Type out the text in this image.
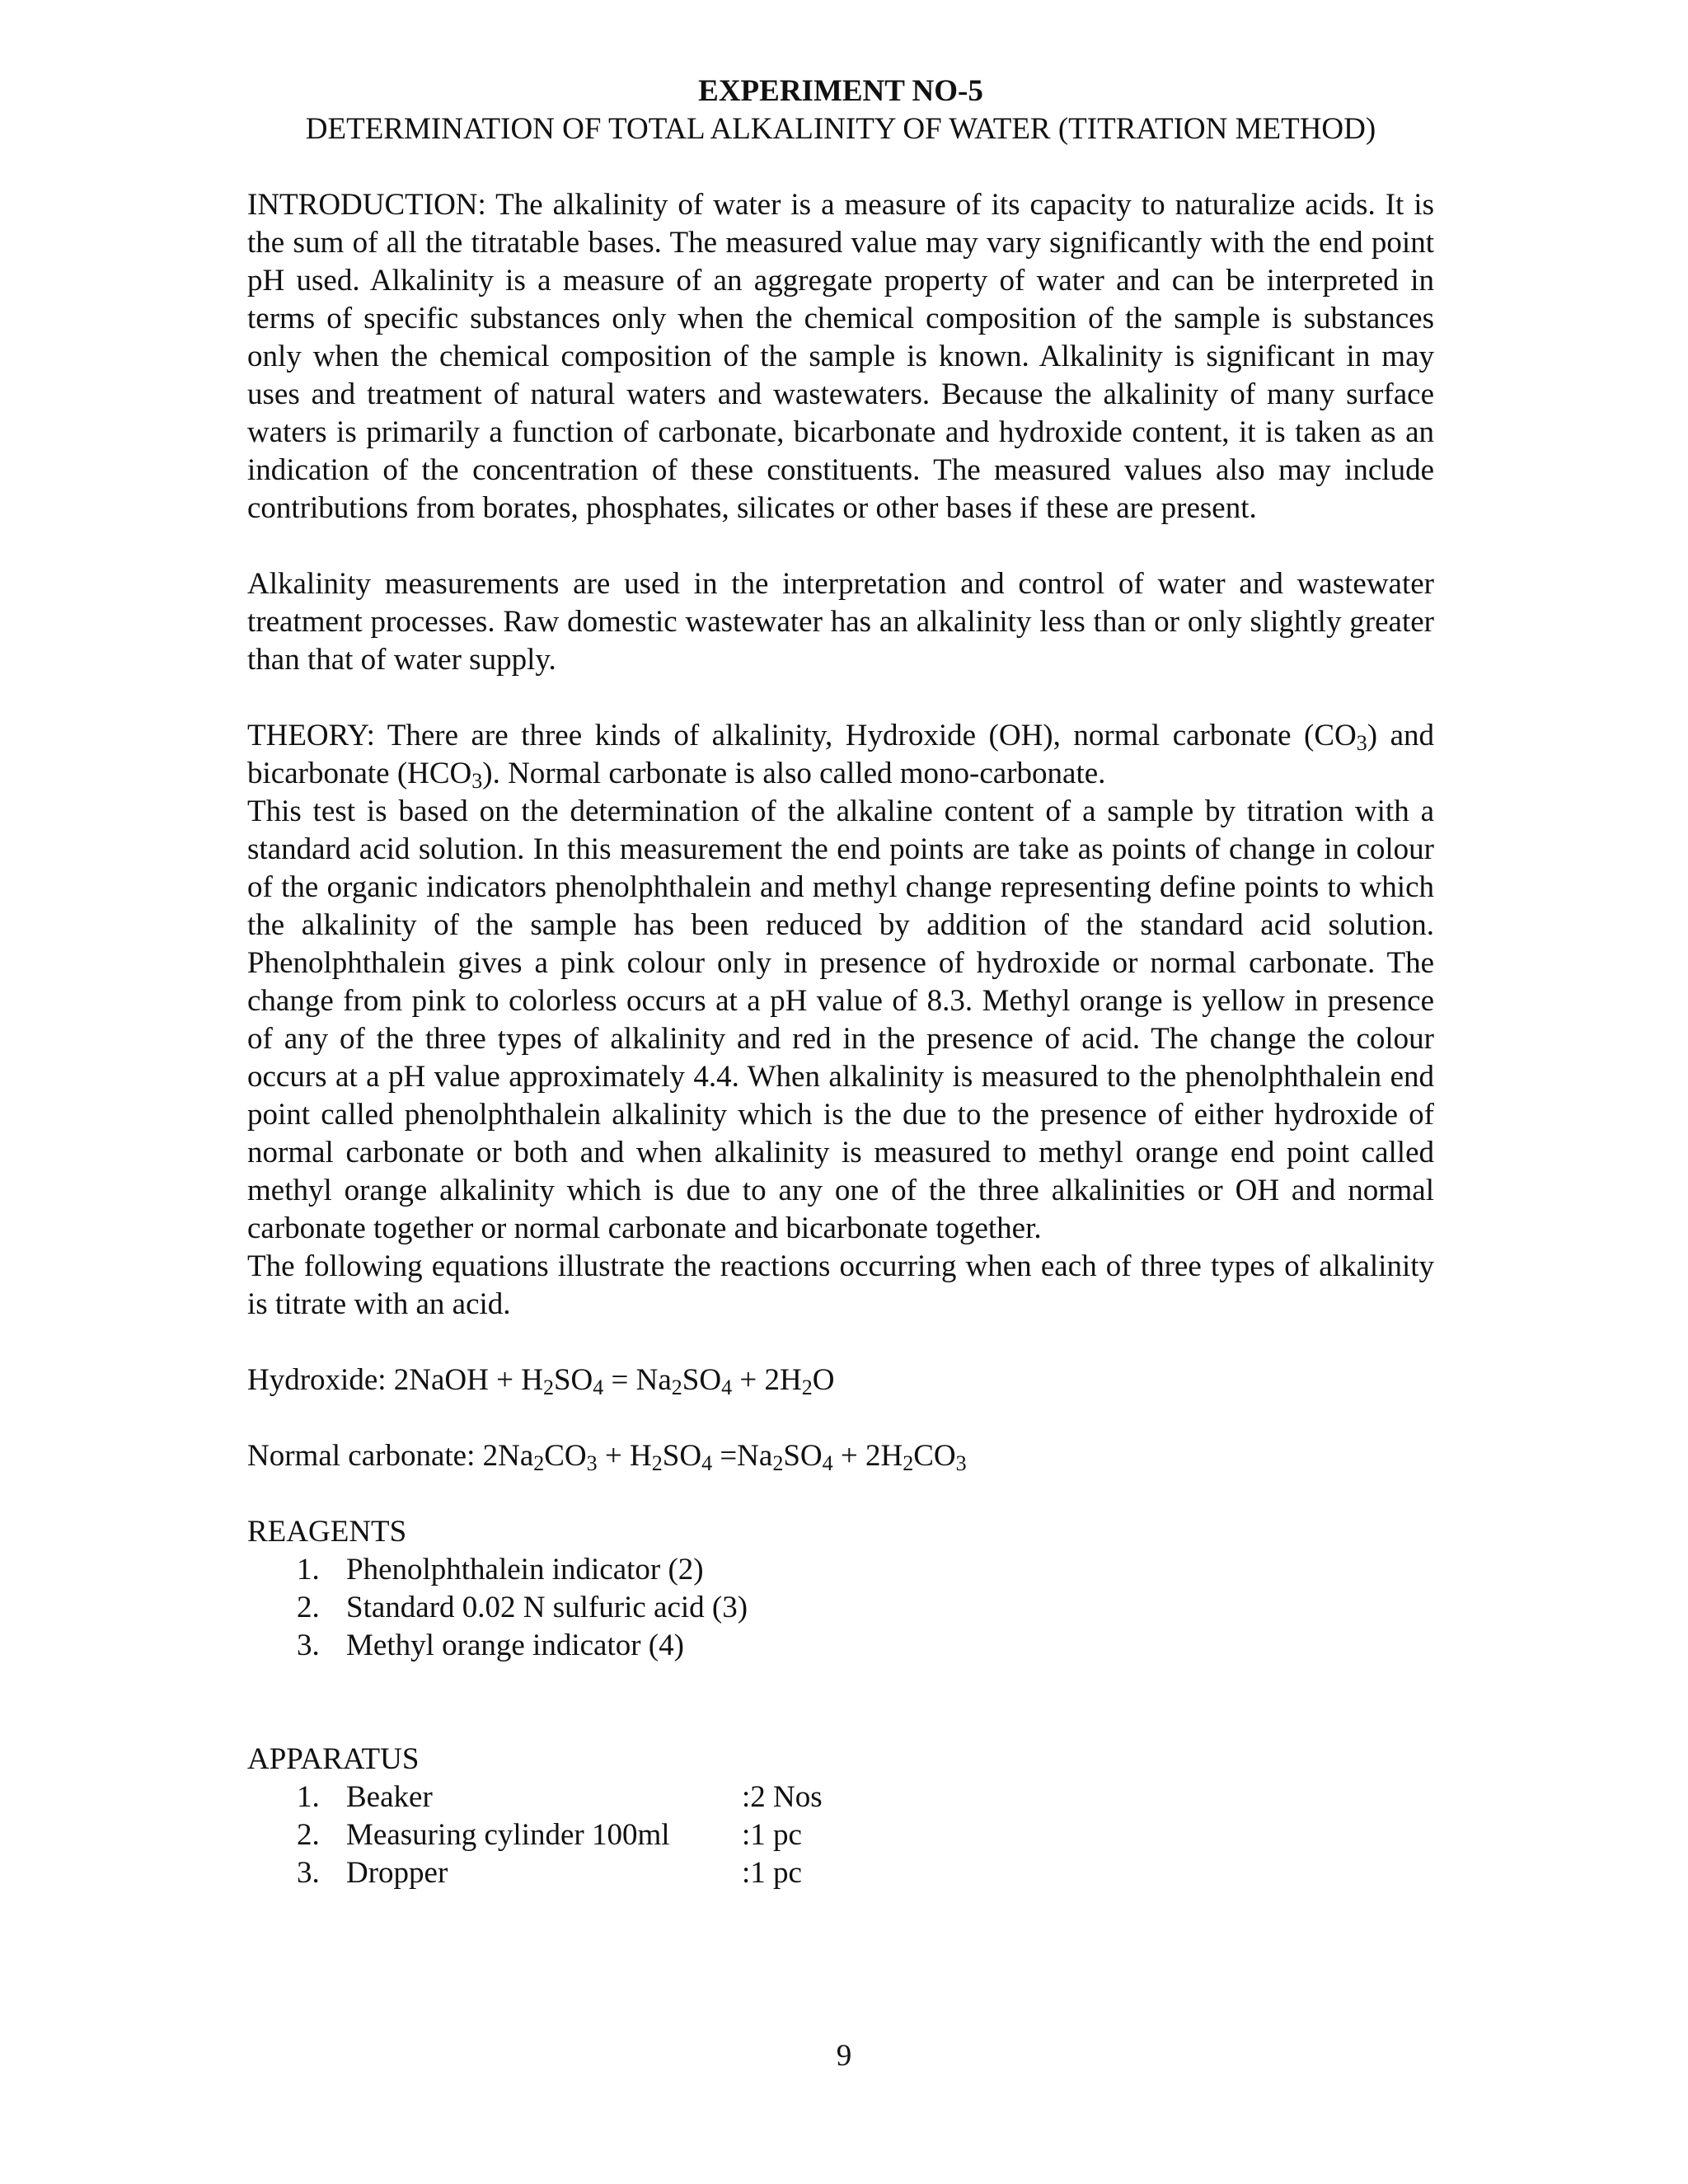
EXPERIMENT NO-5

DETERMINATION OF TOTAL ALKALINITY OF WATER (TITRATION METHOD)

INTRODUCTION: The alkalinity of water is a measure of its capacity to naturalize acids. It is the sum of all the titratable bases. The measured value may vary significantly with the end point pH used. Alkalinity is a measure of an aggregate property of water and can be interpreted in terms of specific substances only when the chemical composition of the sample is substances only when the chemical composition of the sample is known. Alkalinity is significant in may uses and treatment of natural waters and wastewaters. Because the alkalinity of many surface waters is primarily a function of carbonate, bicarbonate and hydroxide content, it is taken as an indication of the concentration of these constituents. The measured values also may include contributions from borates, phosphates, silicates or other bases if these are present.

Alkalinity measurements are used in the interpretation and control of water and wastewater treatment processes. Raw domestic wastewater has an alkalinity less than or only slightly greater than that of water supply.

THEORY: There are three kinds of alkalinity, Hydroxide (OH), normal carbonate $(CO_3)$ and bicarbonate $(HCO_3)$. Normal carbonate is also called mono-carbonate.

This test is based on the determination of the alkaline content of a sample by titration with a standard acid solution. In this measurement the end points are take as points of change in colour of the organic indicators phenolphthalein and methyl change representing define points to which the alkalinity of the sample has been reduced by addition of the standard acid solution. Phenolphthalein gives a pink colour only in presence of hydroxide or normal carbonate. The change from pink to colorless occurs at a pH value of 8.3. Methyl orange is yellow in presence of any of the three types of alkalinity and red in the presence of acid. The change the colour occurs at a pH value approximately 4.4. When alkalinity is measured to the phenolphthalein end point called phenolphthalein alkalinity which is the due to the presence of either hydroxide of normal carbonate or both and when alkalinity is measured to methyl orange end point called methyl orange alkalinity which is due to any one of the three alkalinities or OH and normal carbonate together or normal carbonate and bicarbonate together.

The following equations illustrate the reactions occurring when each of three types of alkalinity is titrate with an acid.

Hydroxide: 2NaOH + $H_2SO_4 = Na_2SO_4 + 2H_2O$

Normal carbonate: $2Na_2CO_3 + H_2SO_4 =Na_2SO_4 + 2H_2CO_3$

REAGENTS

1. Phenolphthalein indicator (2)
2. Standard 0.02 N sulfuric acid (3)
3. Methyl orange indicator (4)

APPARATUS

1. Beaker	:2 Nos
2. Measuring cylinder 100ml :1 pc
3. Dropper	:1 pc
9
